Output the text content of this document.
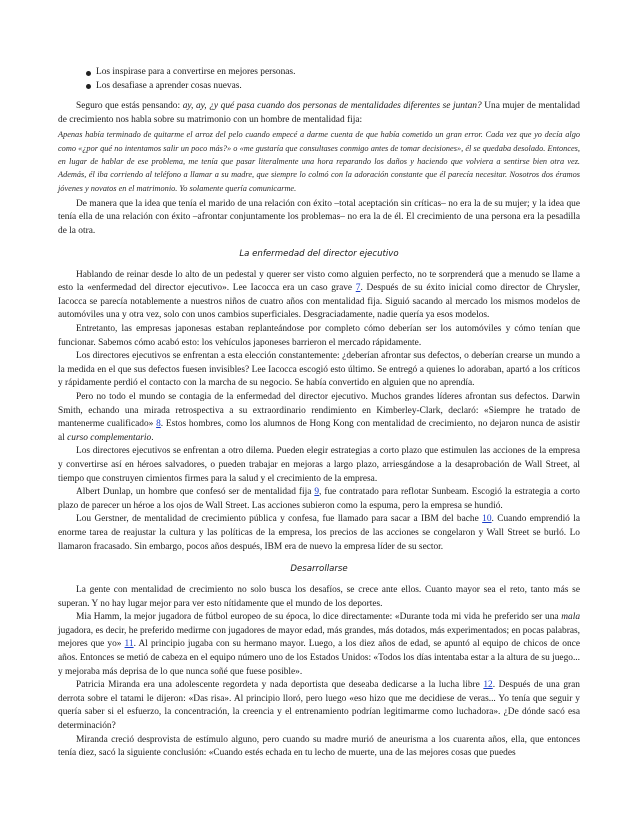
Los inspirase para a convertirse en mejores personas.
Los desafiase a aprender cosas nuevas.

Seguro que estás pensando: ay, ay, ¿y qué pasa cuando dos personas de mentalidades diferentes se juntan? Una mujer de mentalidad de crecimiento nos habla sobre su matrimonio con un hombre de mentalidad fija:

Apenas había terminado de quitarme el arroz del pelo cuando empecé a darme cuenta de que había cometido un gran error. Cada vez que yo decía algo como «¿por qué no intentamos salir un poco más?» o «me gustaría que consultases conmigo antes de tomar decisiones», él se quedaba desolado. Entonces, en lugar de hablar de ese problema, me tenía que pasar literalmente una hora reparando los daños y haciendo que volviera a sentirse bien otra vez. Además, él iba corriendo al teléfono a llamar a su madre, que siempre lo colmó con la adoración constante que él parecía necesitar. Nosotros dos éramos jóvenes y novatos en el matrimonio. Yo solamente quería comunicarme.

De manera que la idea que tenía el marido de una relación con éxito –total aceptación sin críticas– no era la de su mujer; y la idea que tenía ella de una relación con éxito –afrontar conjuntamente los problemas– no era la de él. El crecimiento de una persona era la pesadilla de la otra.

La enfermedad del director ejecutivo

Hablando de reinar desde lo alto de un pedestal y querer ser visto como alguien perfecto, no te sorprenderá que a menudo se llame a esto la «enfermedad del director ejecutivo». Lee Iacocca era un caso grave 7. Después de su éxito inicial como director de Chrysler, Iacocca se parecía notablemente a nuestros niños de cuatro años con mentalidad fija. Siguió sacando al mercado los mismos modelos de automóviles una y otra vez, solo con unos cambios superficiales. Desgraciadamente, nadie quería ya esos modelos.

Entretanto, las empresas japonesas estaban replanteándose por completo cómo deberían ser los automóviles y cómo tenían que funcionar. Sabemos cómo acabó esto: los vehículos japoneses barrieron el mercado rápidamente.

Los directores ejecutivos se enfrentan a esta elección constantemente: ¿deberían afrontar sus defectos, o deberían crearse un mundo a la medida en el que sus defectos fuesen invisibles? Lee Iacocca escogió esto último. Se entregó a quienes lo adoraban, apartó a los críticos y rápidamente perdió el contacto con la marcha de su negocio. Se había convertido en alguien que no aprendía.

Pero no todo el mundo se contagia de la enfermedad del director ejecutivo. Muchos grandes líderes afrontan sus defectos. Darwin Smith, echando una mirada retrospectiva a su extraordinario rendimiento en Kimberley-Clark, declaró: «Siempre he tratado de mantenerme cualificado» 8. Estos hombres, como los alumnos de Hong Kong con mentalidad de crecimiento, no dejaron nunca de asistir al curso complementario.

Los directores ejecutivos se enfrentan a otro dilema. Pueden elegir estrategias a corto plazo que estimulen las acciones de la empresa y convertirse así en héroes salvadores, o pueden trabajar en mejoras a largo plazo, arriesgándose a la desaprobación de Wall Street, al tiempo que construyen cimientos firmes para la salud y el crecimiento de la empresa.

Albert Dunlap, un hombre que confesó ser de mentalidad fija 9, fue contratado para reflotar Sunbeam. Escogió la estrategia a corto plazo de parecer un héroe a los ojos de Wall Street. Las acciones subieron como la espuma, pero la empresa se hundió.

Lou Gerstner, de mentalidad de crecimiento pública y confesa, fue llamado para sacar a IBM del bache 10. Cuando emprendió la enorme tarea de reajustar la cultura y las políticas de la empresa, los precios de las acciones se congelaron y Wall Street se burló. Lo llamaron fracasado. Sin embargo, pocos años después, IBM era de nuevo la empresa líder de su sector.

Desarrollarse

La gente con mentalidad de crecimiento no solo busca los desafíos, se crece ante ellos. Cuanto mayor sea el reto, tanto más se superan. Y no hay lugar mejor para ver esto nítidamente que el mundo de los deportes.

Mia Hamm, la mejor jugadora de fútbol europeo de su época, lo dice directamente: «Durante toda mi vida he preferido ser una mala jugadora, es decir, he preferido medirme con jugadores de mayor edad, más grandes, más dotados, más experimentados; en pocas palabras, mejores que yo» 11. Al principio jugaba con su hermano mayor. Luego, a los diez años de edad, se apuntó al equipo de chicos de once años. Entonces se metió de cabeza en el equipo número uno de los Estados Unidos: «Todos los días intentaba estar a la altura de su juego... y mejoraba más deprisa de lo que nunca soñé que fuese posible».

Patricia Miranda era una adolescente regordeta y nada deportista que deseaba dedicarse a la lucha libre 12. Después de una gran derrota sobre el tatami le dijeron: «Das risa». Al principio lloró, pero luego «eso hizo que me decidiese de veras... Yo tenía que seguir y quería saber si el esfuerzo, la concentración, la creencia y el entrenamiento podrían legitimarme como luchadora». ¿De dónde sacó esa determinación?

Miranda creció desprovista de estímulo alguno, pero cuando su madre murió de aneurisma a los cuarenta años, ella, que entonces tenía diez, sacó la siguiente conclusión: «Cuando estés echada en tu lecho de muerte, una de las mejores cosas que puedes
